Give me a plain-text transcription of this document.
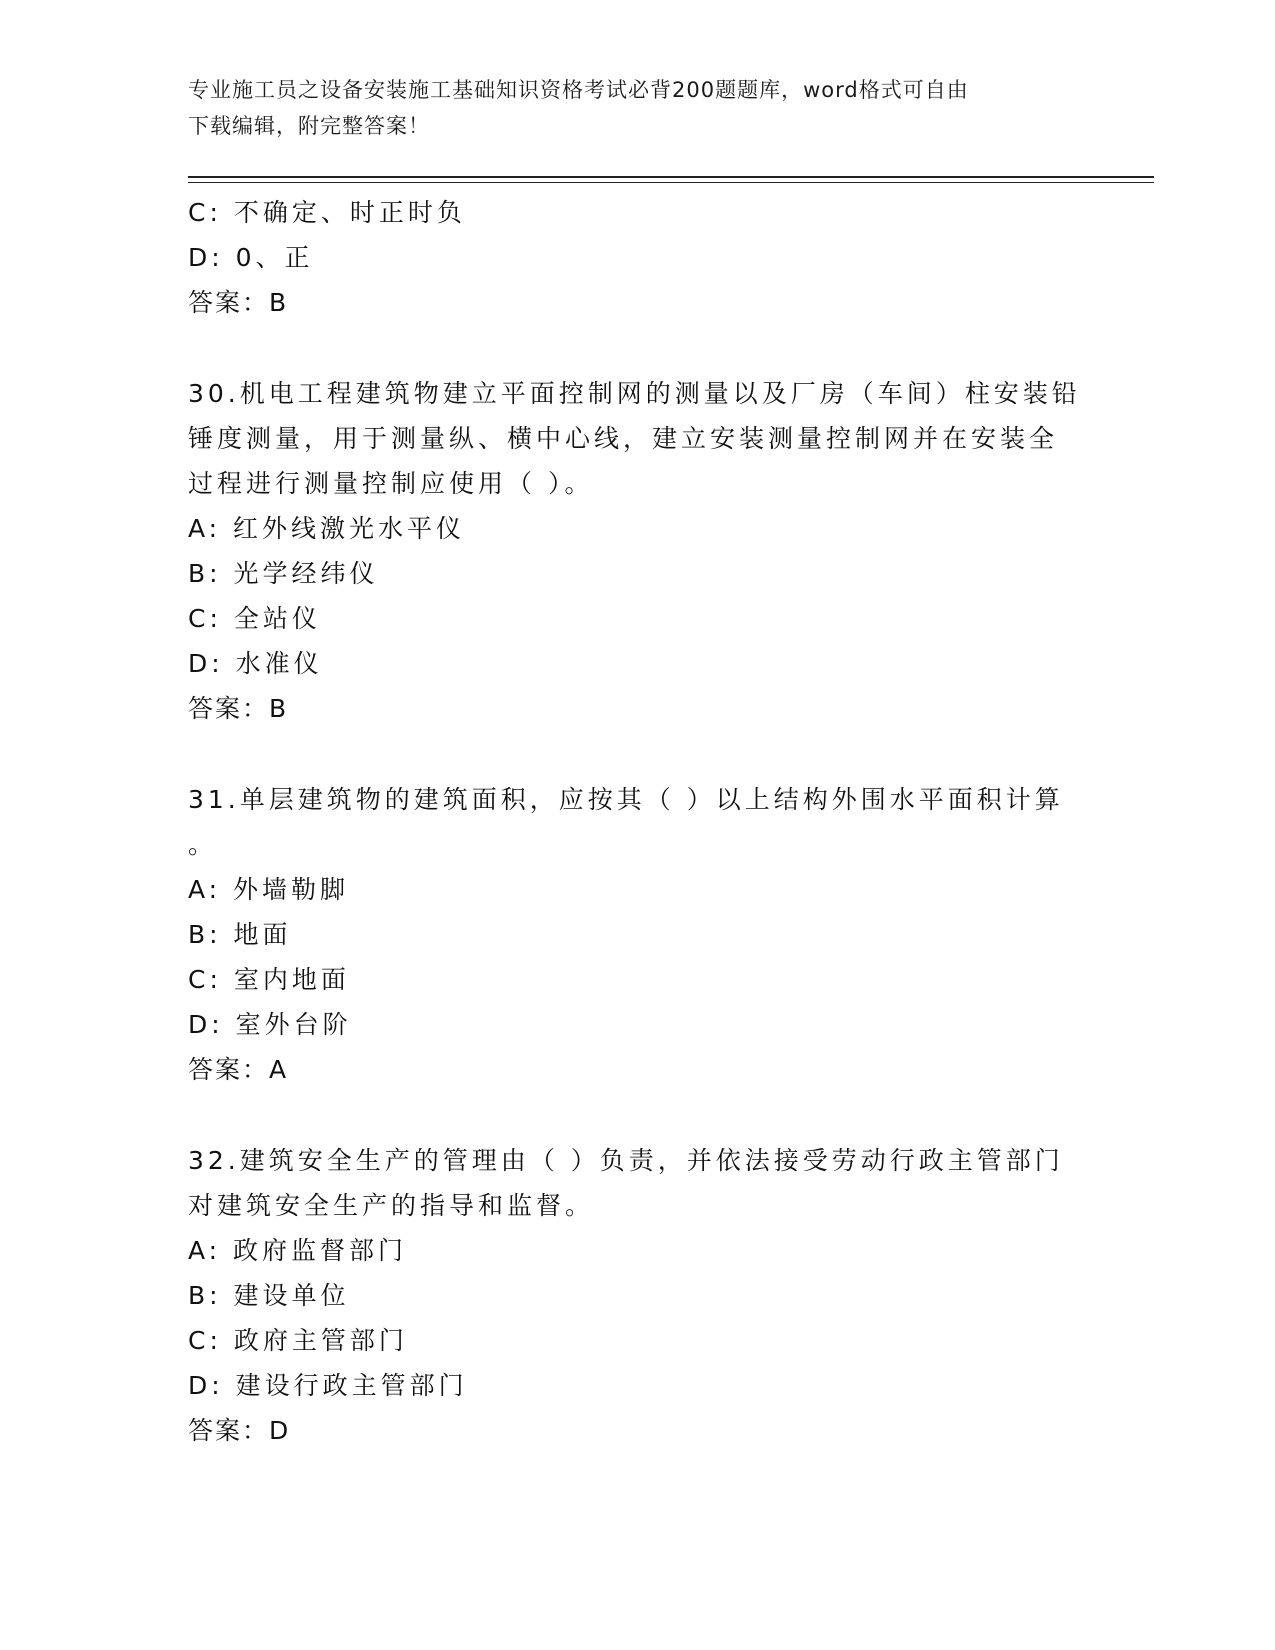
专业施工员之设备安装施工基础知识资格考试必背200题题库，word格式可自由
下载编辑，附完整答案！
C: 不确定、时正时负
D: 0、正
答案：B
30.机电工程建筑物建立平面控制网的测量以及厂房（车间）柱安装铅
锤度测量，用于测量纵、横中心线，建立安装测量控制网并在安装全
过程进行测量控制应使用（ ）。
A: 红外线激光水平仪
B: 光学经纬仪
C: 全站仪
D: 水准仪
答案：B
31.单层建筑物的建筑面积，应按其（ ）以上结构外围水平面积计算
。
A: 外墙勒脚
B: 地面
C: 室内地面
D: 室外台阶
答案：A
32.建筑安全生产的管理由（ ）负责，并依法接受劳动行政主管部门
对建筑安全生产的指导和监督。
A: 政府监督部门
B: 建设单位
C: 政府主管部门
D: 建设行政主管部门
答案：D
